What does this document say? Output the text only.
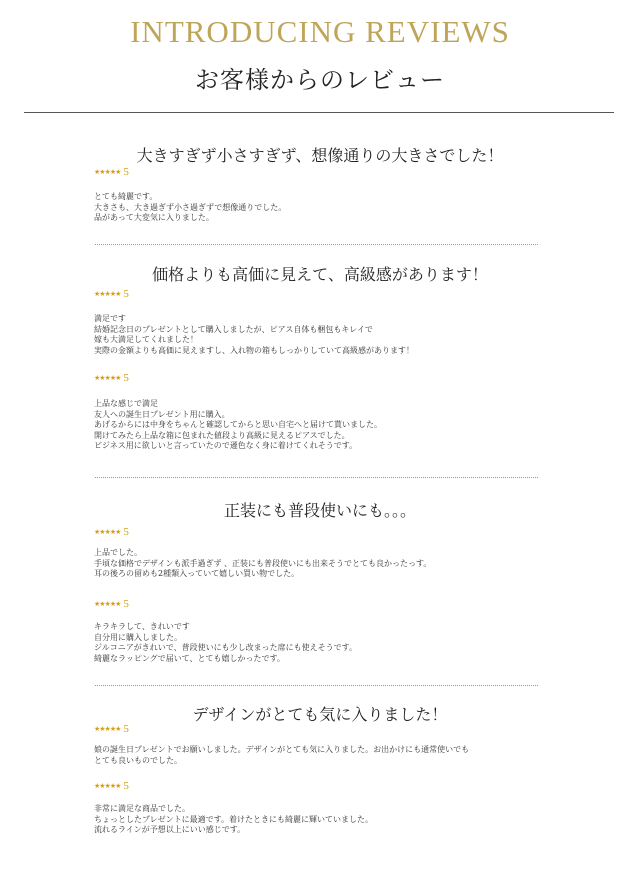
INTRODUCING REVIEWS
お客様からのレビュー
大きすぎず小さすぎず、想像通りの大きさでした！
★★★★★ 5
とても綺麗です。
大きさも、大き過ぎず小さ過ぎずで想像通りでした。
品があって大変気に入りました。
価格よりも高価に見えて、高級感があります！
★★★★★ 5
満足です
結婚記念日のプレゼントとして購入しましたが、ピアス自体も梱包もキレイで
嫁も大満足してくれました！
実際の金額よりも高価に見えますし、入れ物の箱もしっかりしていて高級感があります！
★★★★★ 5
上品な感じで満足
友人への誕生日プレゼント用に購入。
あげるからには中身をちゃんと確認してからと思い自宅へと届けて貰いました。
開けてみたら上品な箱に包まれた値段より高級に見えるピアスでした。
ビジネス用に欲しいと言っていたので遜色なく身に着けてくれそうです。
正装にも普段使いにも。。。
★★★★★ 5
上品でした。
手頃な価格でデザインも派手過ぎず 、正装にも普段使いにも出来そうでとても良かったっす。
耳の後ろの留めも2種類入っていて嬉しい買い物でした。
★★★★★ 5
キラキラして、きれいです
自分用に購入しました。
ジルコニアがきれいで、普段使いにも少し改まった席にも使えそうです。
綺麗なラッピングで届いて、とても嬉しかったです。
デザインがとても気に入りました！
★★★★★ 5
娘の誕生日プレゼントでお願いしました。デザインがとても気に入りました。お出かけにも通常使いでも
とても良いものでした。
★★★★★ 5
非常に満足な商品でした。
ちょっとしたプレゼントに最適です。着けたときにも綺麗に輝いていました。
流れるラインが予想以上にいい感じです。
